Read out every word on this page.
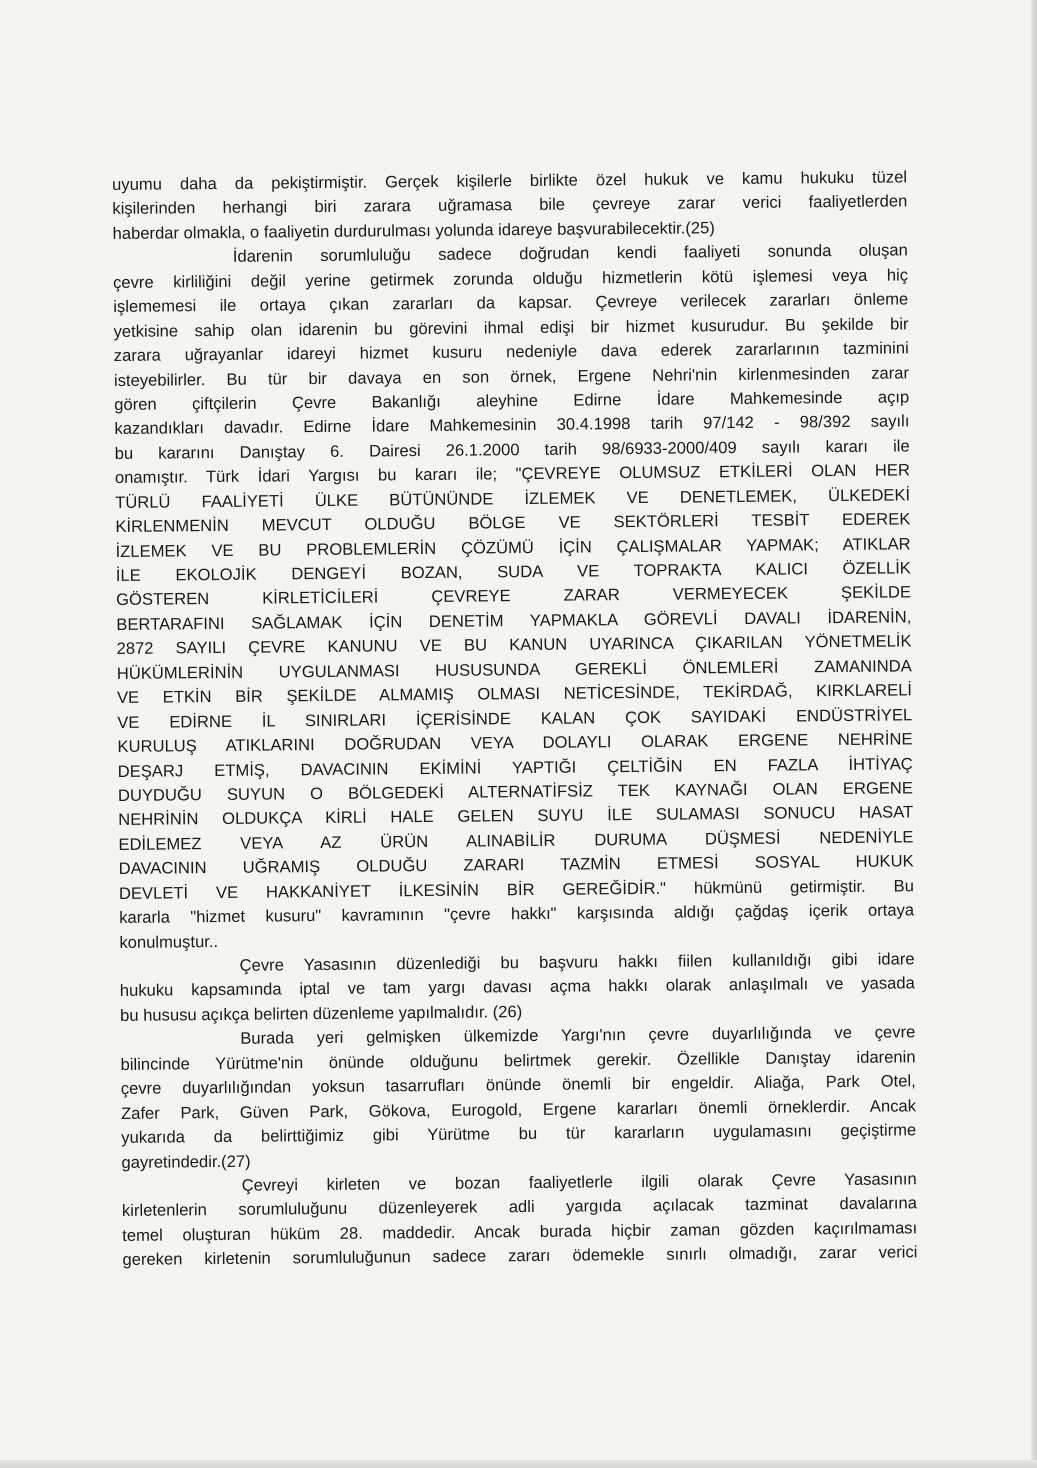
uyumu daha da pekiştirmiştir. Gerçek kişilerle birlikte özel hukuk ve kamu hukuku tüzel
kişilerinden herhangi biri zarara uğramasa bile çevreye zarar verici faaliyetlerden
haberdar olmakla, o faaliyetin durdurulması yolunda idareye başvurabilecektir.(25)
İdarenin sorumluluğu sadece doğrudan kendi faaliyeti sonunda oluşan
çevre kirliliğini değil yerine getirmek zorunda olduğu hizmetlerin kötü işlemesi veya hiç
işlememesi ile ortaya çıkan zararları da kapsar. Çevreye verilecek zararları önleme
yetkisine sahip olan idarenin bu görevini ihmal edişi bir hizmet kusurudur. Bu şekilde bir
zarara uğrayanlar idareyi hizmet kusuru nedeniyle dava ederek zararlarının tazminini
isteyebilirler. Bu tür bir davaya en son örnek, Ergene Nehri'nin kirlenmesinden zarar
gören çiftçilerin Çevre Bakanlığı aleyhine Edirne İdare Mahkemesinde açıp
kazandıkları davadır. Edirne İdare Mahkemesinin 30.4.1998 tarih 97/142 - 98/392 sayılı
bu kararını Danıştay 6. Dairesi 26.1.2000 tarih 98/6933-2000/409 sayılı kararı ile
onamıştır. Türk İdari Yargısı bu kararı ile; "ÇEVREYE OLUMSUZ ETKİLERİ OLAN HER
TÜRLÜ FAALİYETİ ÜLKE BÜTÜNÜNDE İZLEMEK VE DENETLEMEK, ÜLKEDEKİ
KİRLENMENİN MEVCUT OLDUĞU BÖLGE VE SEKTÖRLERİ TESBİT EDEREK
İZLEMEK VE BU PROBLEMLERİN ÇÖZÜMÜ İÇİN ÇALIŞMALAR YAPMAK; ATIKLAR
İLE EKOLOJİK DENGEYİ BOZAN, SUDA VE TOPRAKTA KALICI ÖZELLİK
GÖSTEREN KİRLETİCİLERİ ÇEVREYE ZARAR VERMEYECEK ŞEKİLDE
BERTARAFINI SAĞLAMAK İÇİN DENETİM YAPMAKLA GÖREVLİ DAVALI İDARENİN,
2872 SAYILI ÇEVRE KANUNU VE BU KANUN UYARINCA ÇIKARILAN YÖNETMELİK
HÜKÜMLERİNİN UYGULANMASI HUSUSUNDA GEREKLİ ÖNLEMLERİ ZAMANINDA
VE ETKİN BİR ŞEKİLDE ALMAMIŞ OLMASI NETİCESİNDE, TEKİRDAĞ, KIRKLARELİ
VE EDİRNE İL SINIRLARI İÇERİSİNDE KALAN ÇOK SAYIDAKİ ENDÜSTRİYEL
KURULUŞ ATIKLARINI DOĞRUDAN VEYA DOLAYLI OLARAK ERGENE NEHRİNE
DEŞARJ ETMİŞ, DAVACININ EKİMİNİ YAPTIĞI ÇELTİĞİN EN FAZLA İHTİYAÇ
DUYDUĞU SUYUN O BÖLGEDEKİ ALTERNATİFSİZ TEK KAYNAĞI OLAN ERGENE
NEHRİNİN OLDUKÇA KİRLİ HALE GELEN SUYU İLE SULAMASI SONUCU HASAT
EDİLEMEZ VEYA AZ ÜRÜN ALINABİLİR DURUMA DÜŞMESİ NEDENİYLE
DAVACININ UĞRAMIŞ OLDUĞU ZARARI TAZMİN ETMESİ SOSYAL HUKUK
DEVLETİ VE HAKKANİYET İLKESİNİN BİR GEREĞİDİR." hükmünü getirmiştir. Bu
kararla "hizmet kusuru" kavramının "çevre hakkı" karşısında aldığı çağdaş içerik ortaya
konulmuştur..
Çevre Yasasının düzenlediği bu başvuru hakkı fiilen kullanıldığı gibi idare
hukuku kapsamında iptal ve tam yargı davası açma hakkı olarak anlaşılmalı ve yasada
bu hususu açıkça belirten düzenleme yapılmalıdır. (26)
Burada yeri gelmişken ülkemizde Yargı'nın çevre duyarlılığında ve çevre
bilincinde Yürütme'nin önünde olduğunu belirtmek gerekir. Özellikle Danıştay idarenin
çevre duyarlılığından yoksun tasarrufları önünde önemli bir engeldir. Aliağa, Park Otel,
Zafer Park, Güven Park, Gökova, Eurogold, Ergene kararları önemli örneklerdir. Ancak
yukarıda da belirttiğimiz gibi Yürütme bu tür kararların uygulamasını geçiştirme
gayretindedir.(27)
Çevreyi kirleten ve bozan faaliyetlerle ilgili olarak Çevre Yasasının
kirletenlerin sorumluluğunu düzenleyerek adli yargıda açılacak tazminat davalarına
temel oluşturan hüküm 28. maddedir. Ancak burada hiçbir zaman gözden kaçırılmaması
gereken kirletenin sorumluluğunun sadece zararı ödemekle sınırlı olmadığı, zarar verici
